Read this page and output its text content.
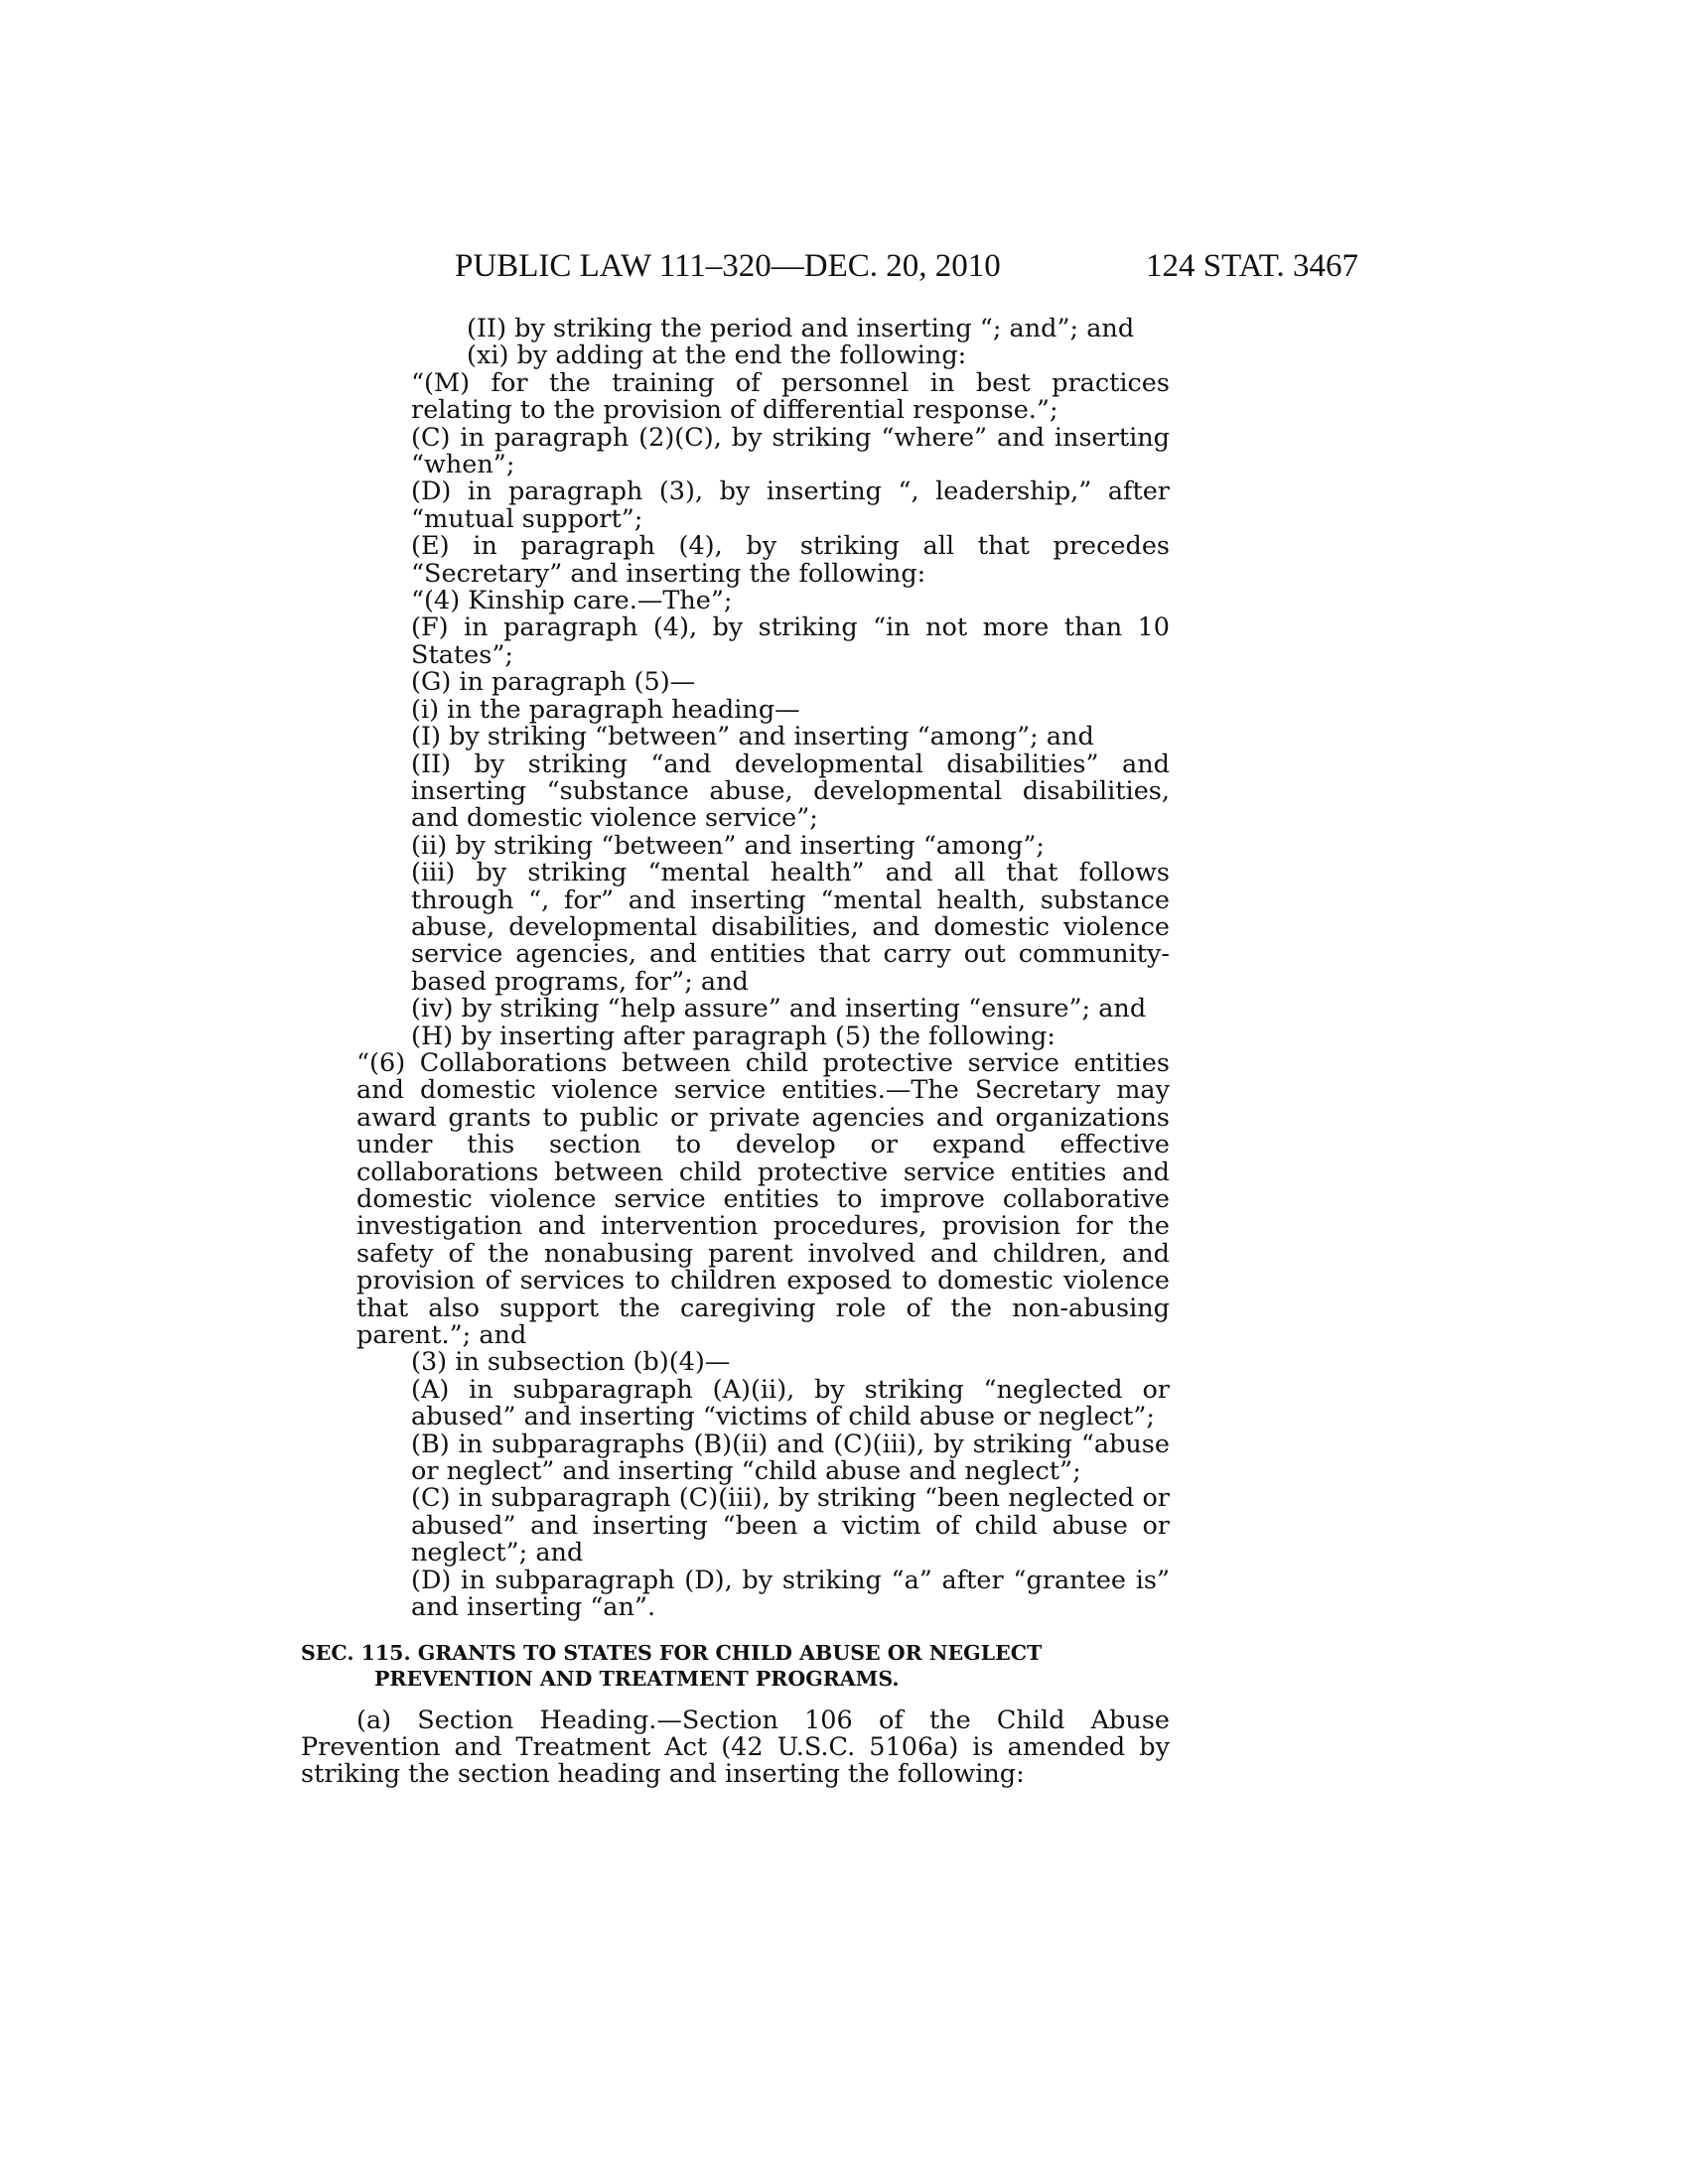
PUBLIC LAW 111–320—DEC. 20, 2010	124 STAT. 3467

(II) by striking the period and inserting “; and”; and

(xi) by adding at the end the following:

“(M) for the training of personnel in best practices relating to the provision of differential response.”;

(C) in paragraph (2)(C), by striking “where” and inserting “when”;

(D) in paragraph (3), by inserting “, leadership,” after “mutual support”;

(E) in paragraph (4), by striking all that precedes “Secretary” and inserting the following:

“(4) Kinship care.—The”;

(F) in paragraph (4), by striking “in not more than 10 States”;

(G) in paragraph (5)—

(i) in the paragraph heading—

(I) by striking “between” and inserting “among”; and

(II) by striking “and developmental disabilities” and inserting “substance abuse, developmental disabilities, and domestic violence service”;

(ii) by striking “between” and inserting “among”;

(iii) by striking “mental health” and all that follows through “, for” and inserting “mental health, substance abuse, developmental disabilities, and domestic violence service agencies, and entities that carry out community-based programs, for”; and

(iv) by striking “help assure” and inserting “ensure”; and

(H) by inserting after paragraph (5) the following:

“(6) Collaborations between child protective service entities and domestic violence service entities.—The Secretary may award grants to public or private agencies and organizations under this section to develop or expand effective collaborations between child protective service entities and domestic violence service entities to improve collaborative investigation and intervention procedures, provision for the safety of the nonabusing parent involved and children, and provision of services to children exposed to domestic violence that also support the caregiving role of the non-abusing parent.”; and

(3) in subsection (b)(4)—

(A) in subparagraph (A)(ii), by striking “neglected or abused” and inserting “victims of child abuse or neglect”;

(B) in subparagraphs (B)(ii) and (C)(iii), by striking “abuse or neglect” and inserting “child abuse and neglect”;

(C) in subparagraph (C)(iii), by striking “been neglected or abused” and inserting “been a victim of child abuse or neglect”; and

(D) in subparagraph (D), by striking “a” after “grantee is” and inserting “an”.

SEC. 115. GRANTS TO STATES FOR CHILD ABUSE OR NEGLECT PREVENTION AND TREATMENT PROGRAMS.

(a) Section Heading.—Section 106 of the Child Abuse Prevention and Treatment Act (42 U.S.C. 5106a) is amended by striking the section heading and inserting the following:
